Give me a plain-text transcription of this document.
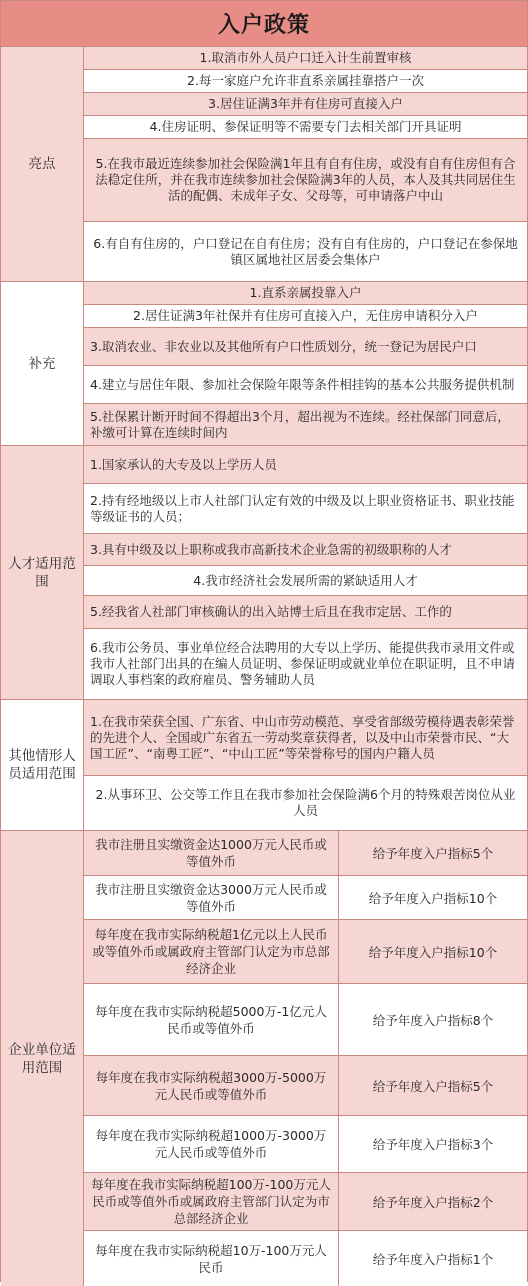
入户政策
亮点
1.取消市外人员户口迁入计生前置审核
2.每一家庭户允许非直系亲属挂靠搭户一次
3.居住证满3年并有住房可直接入户
4.住房证明、参保证明等不需要专门去相关部门开具证明
5.在我市最近连续参加社会保险满1年且有自有住房，或没有自有住房但有合法稳定住所，并在我市连续参加社会保险满3年的人员，本人及其共同居住生活的配偶、未成年子女、父母等，可申请落户中山
6.有自有住房的，户口登记在自有住房；没有自有住房的，户口登记在参保地镇区属地社区居委会集体户
补充
1.直系亲属投靠入户
2.居住证满3年社保并有住房可直接入户，无住房申请积分入户
3.取消农业、非农业以及其他所有户口性质划分，统一登记为居民户口
4.建立与居住年限、参加社会保险年限等条件相挂钩的基本公共服务提供机制
5.社保累计断开时间不得超出3个月，超出视为不连续。经社保部门同意后，补缴可计算在连续时间内
人才适用范围
1.国家承认的大专及以上学历人员
2.持有经地级以上市人社部门认定有效的中级及以上职业资格证书、职业技能等级证书的人员；
3.具有中级及以上职称或我市高新技术企业急需的初级职称的人才
4.我市经济社会发展所需的紧缺适用人才
5.经我省人社部门审核确认的出入站博士后且在我市定居、工作的
6.我市公务员、事业单位经合法聘用的大专以上学历、能提供我市录用文件或我市人社部门出具的在编人员证明、参保证明或就业单位在职证明，且不申请调取人事档案的政府雇员、警务辅助人员
其他情形人员适用范围
1.在我市荣获全国、广东省、中山市劳动模范、享受省部级劳模待遇表彰荣誉的先进个人、全国或广东省五一劳动奖章获得者，以及中山市荣誉市民、“大国工匠”、“南粤工匠”、“中山工匠”等荣誉称号的国内户籍人员
2.从事环卫、公交等工作且在我市参加社会保险满6个月的特殊艰苦岗位从业人员
企业单位适用范围
我市注册且实缴资金达1000万元人民币或等值外币
给予年度入户指标5个
我市注册且实缴资金达3000万元人民币或等值外币
给予年度入户指标10个
每年度在我市实际纳税超1亿元以上人民币或等值外币或属政府主管部门认定为市总部经济企业
给予年度入户指标10个
每年度在我市实际纳税超5000万-1亿元人民币或等值外币
给予年度入户指标8个
每年度在我市实际纳税超3000万-5000万元人民币或等值外币
给予年度入户指标5个
每年度在我市实际纳税超1000万-3000万元人民币或等值外币
给予年度入户指标3个
每年度在我市实际纳税超100万-100万元人民币或等值外币或属政府主管部门认定为市总部经济企业
给予年度入户指标2个
每年度在我市实际纳税超10万-100万元人民币
给予年度入户指标1个
